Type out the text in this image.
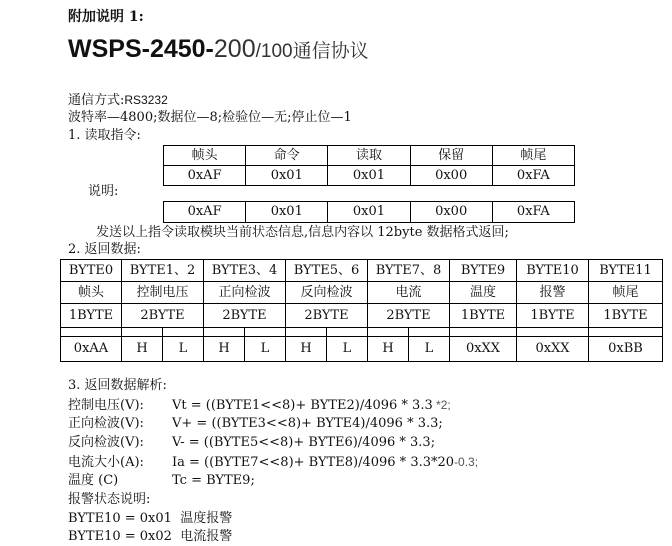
附加说明 1:
WSPS-2450-200/100通信协议
通信方式:RS3232
波特率—4800;数据位—8;检验位—无;停止位—1
1. 读取指令:
帧头	命令	读取	保留	帧尾
0xAF	0x01	0x01	0x00	0xFA
说明:
0xAF	0x01	0x01	0x00	0xFA
发送以上指令读取模块当前状态信息,信息内容以 12byte 数据格式返回;
2. 返回数据:
BYTE0	BYTE1、2		BYTE3、4		BYTE5、6		BYTE7、8		BYTE9	BYTE10	BYTE11
帧头	控制电压		正向检波		反向检波		电流		温度	报警	帧尾
1BYTE	2BYTE		2BYTE		2BYTE		2BYTE		1BYTE	1BYTE	1BYTE

0xAA	H	L	H	L	H	L	H	L	0xXX	0xXX	0xBB
3. 返回数据解析:
控制电压(V): Vt = ((BYTE1<<8)+ BYTE2)/4096 * 3.3 *2;
正向检波(V): V+ = ((BYTE3<<8)+ BYTE4)/4096 * 3.3;
反向检波(V): V- = ((BYTE5<<8)+ BYTE6)/4096 * 3.3;
电流大小(A): Ia = ((BYTE7<<8)+ BYTE8)/4096 * 3.3*20-0.3;
温度 (C)	Tc = BYTE9;
报警状态说明:
BYTE10 = 0x01 温度报警
BYTE10 = 0x02 电流报警
